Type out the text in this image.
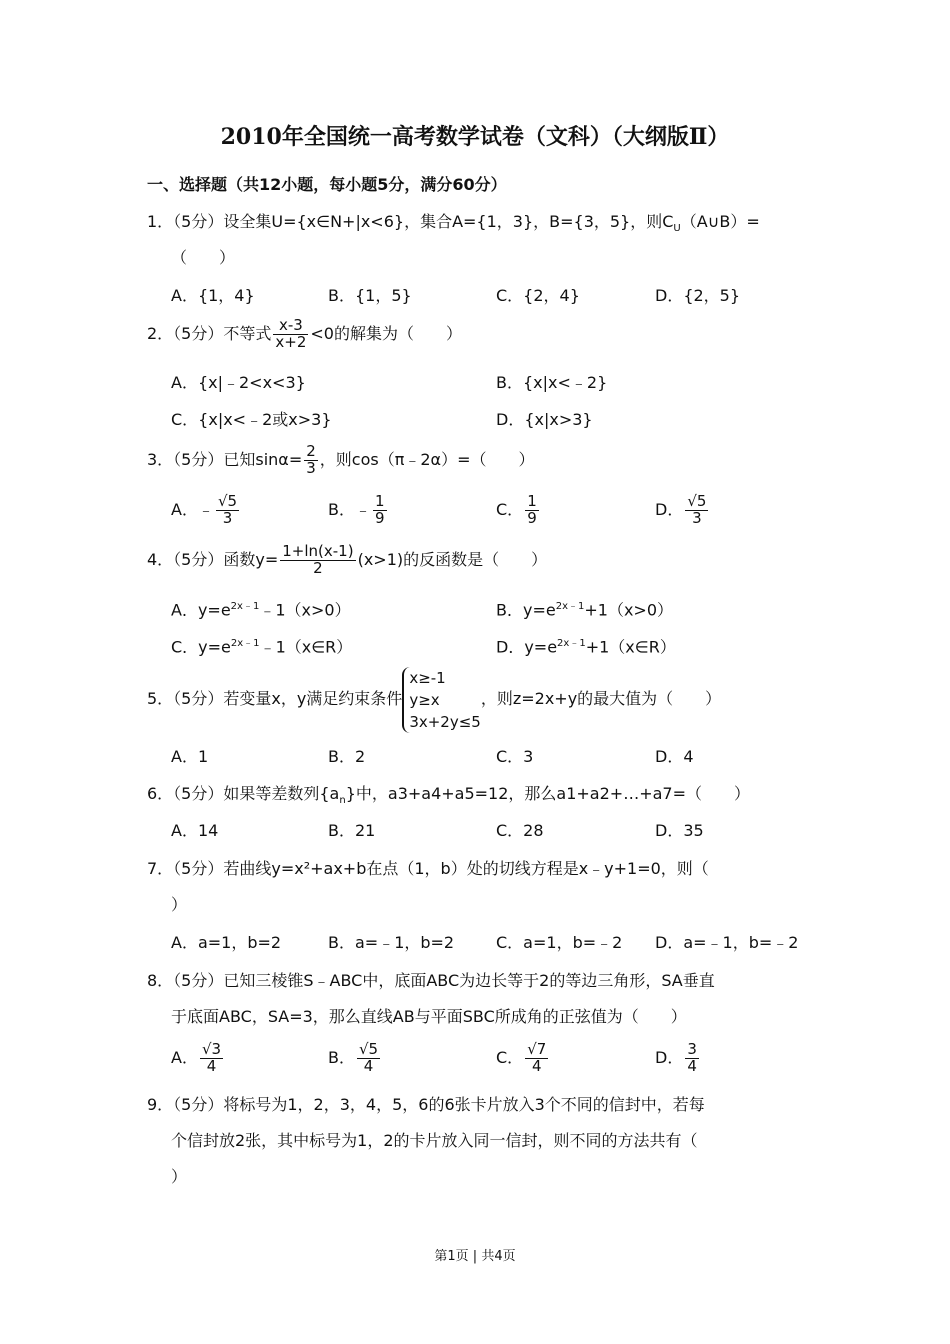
2010年全国统一高考数学试卷（文科）（大纲版Ⅱ）
一、选择题（共12小题，每小题5分，满分60分）
1．（5分）设全集U={x∈N+|x<6}，集合A={1，3}，B={3，5}，则$C_U(A\cup B)=$
（　　）
A．{1，4}	B．{1，5}	C．{2，4}	D．{2，5}
2．（5分）不等式 $\frac{x-3}{x+2} <0$的解集为（　　）
A．{x|﹣2<x<3}	B．{x|x<﹣2}
C．{x|x<﹣2或x>3}	D．{x|x>3}
3．（5分）已知$\sin\alpha= \frac{2}{3}$ ，则cos（π﹣2α）=（　　）
A．﹣ $\frac{√5}{3}$	B．﹣ $\frac{1}{9}$	C． $\frac{1}{9}$	D． $\frac{√5}{3}$
4．（5分）函数$y= \frac{1+\ln(x-1)}{2} (x>1)$的反函数是（　　）
A．$y=e^{2x﹣1}﹣1(x>0)$	B．$y=e^{2x﹣1}+1(x>0)$
C．$y=e^{2x﹣1}﹣1(x\in R)$	D．$y=e^{2x﹣1}+1(x\in R)$
5．（5分）若变量x，y满足约束条件
x≥-1
y≥x
3x+2y≤5
，则z=2x+y的最大值为（　　）
A．1	B．2	C．3	D．4
6．（5分）如果等差数列$\{a_n\}$中，a3+a4+a5=12，那么a1+a2+…+a7=（　　）
A．14	B．21	C．28	D．35
7．（5分）若曲线y=x²+ax+b在点（1，b）处的切线方程是x﹣y+1=0，则（
）
A．a=1，b=2	B．a=﹣1，b=2	C．a=1，b=﹣2 D．a=﹣1，b=﹣2
8．（5分）已知三棱锥S﹣ABC中，底面ABC为边长等于2的等边三角形，SA垂直
于底面ABC，SA=3，那么直线AB与平面SBC所成角的正弦值为（　　）
A． $\frac{√3}{4}$	B． $\frac{√5}{4}$	C． $\frac{√7}{4}$	D． $\frac{3}{4}$
9．（5分）将标号为1，2，3，4，5，6的6张卡片放入3个不同的信封中，若每
个信封放2张，其中标号为1，2的卡片放入同一信封，则不同的方法共有（
）
第1页 | 共4页
